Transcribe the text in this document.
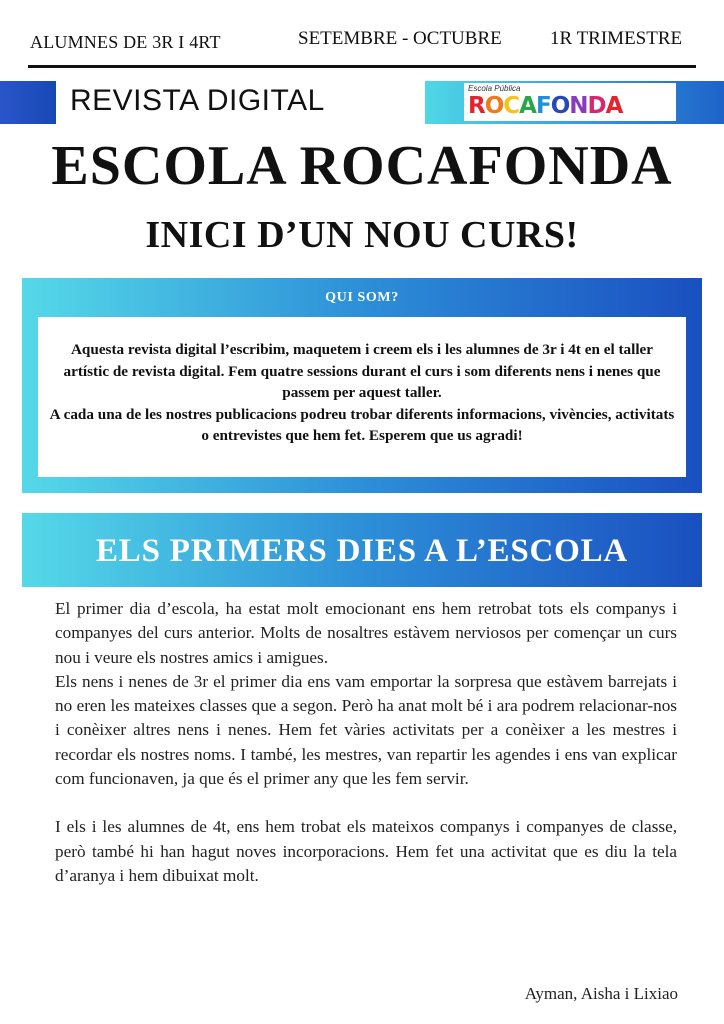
ALUMNES DE 3R I 4RT	SETEMBRE - OCTUBRE	1R TRIMESTRE
REVISTA DIGITAL	Escola Pública
ROCAFONDA
ESCOLA ROCAFONDA
INICI D’UN NOU CURS!
QUI SOM?
Aquesta revista digital l’escribim, maquetem i creem els i les alumnes de 3r i 4t en el taller artístic de revista digital. Fem quatre sessions durant el curs i som diferents nens i nenes que passem per aquest taller.
A cada una de les nostres publicacions podreu trobar diferents informacions, vivències, activitats o entrevistes que hem fet. Esperem que us agradi!
ELS PRIMERS DIES A L’ESCOLA

El primer dia d’escola, ha estat molt emocionant ens hem retrobat tots els companys i companyes del curs anterior. Molts de nosaltres estàvem nerviosos per començar un curs nou i veure els nostres amics i amigues.

Els nens i nenes de 3r el primer dia ens vam emportar la sorpresa que estàvem barrejats i no eren les mateixes classes que a segon. Però ha anat molt bé i ara podrem relacionar-nos i conèixer altres nens i nenes. Hem fet vàries activitats per a conèixer a les mestres i recordar els nostres noms. I també, les mestres, van repartir les agendes i ens van explicar com funcionaven, ja que és el primer any que les fem servir.

I els i les alumnes de 4t, ens hem trobat els mateixos companys i companyes de classe, però també hi han hagut noves incorporacions. Hem fet una activitat que es diu la tela d’aranya i hem dibuixat molt.

Ayman, Aisha i Lixiao
